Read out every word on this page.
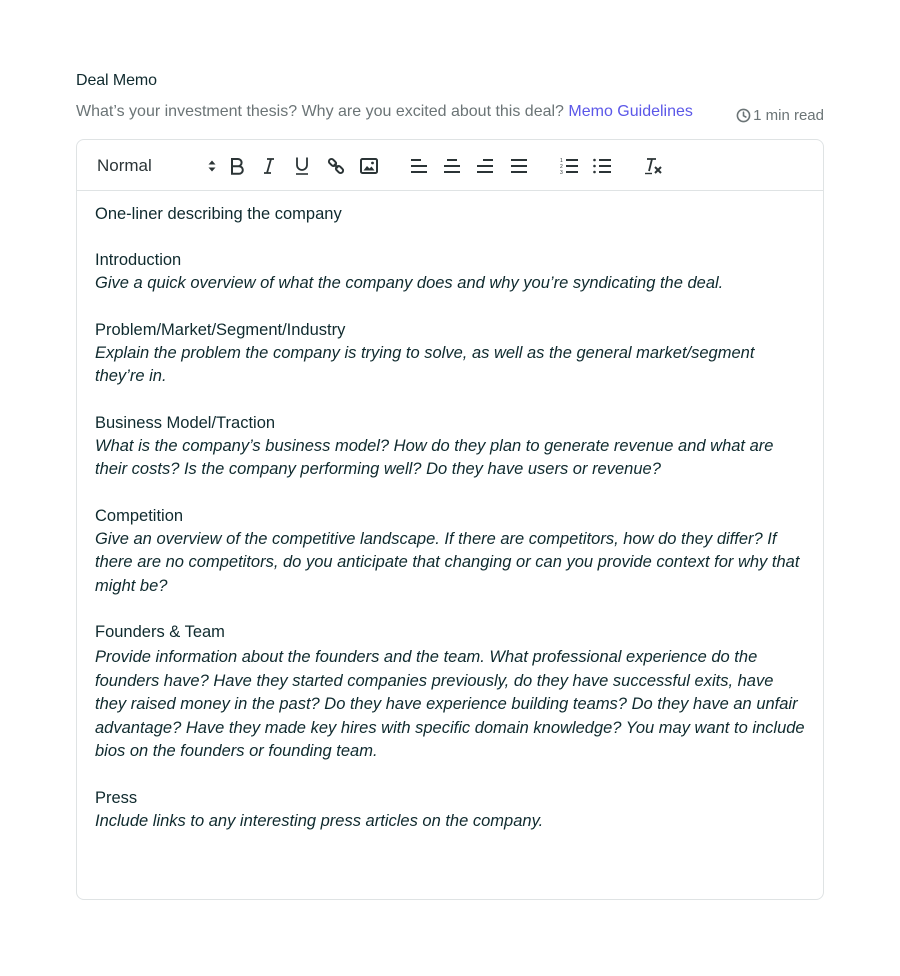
Deal Memo
What’s your investment thesis? Why are you excited about this deal? Memo Guidelines	1 min read
Normal	1
2
3

One-liner describing the company

Introduction

Give a quick overview of what the company does and why you’re syndicating the deal.

Problem/Market/Segment/Industry

Explain the problem the company is trying to solve, as well as the general market/segment they’re in.

Business Model/Traction

What is the company’s business model? How do they plan to generate revenue and what are their costs? Is the company performing well? Do they have users or revenue?

Competition

Give an overview of the competitive landscape. If there are competitors, how do they differ? If there are no competitors, do you anticipate that changing or can you provide context for why that might be?

Founders & Team

Provide information about the founders and the team. What professional experience do the founders have? Have they started companies previously, do they have successful exits, have they raised money in the past? Do they have experience building teams? Do they have an unfair advantage? Have they made key hires with specific domain knowledge? You may want to include bios on the founders or founding team.

Press

Include links to any interesting press articles on the company.
